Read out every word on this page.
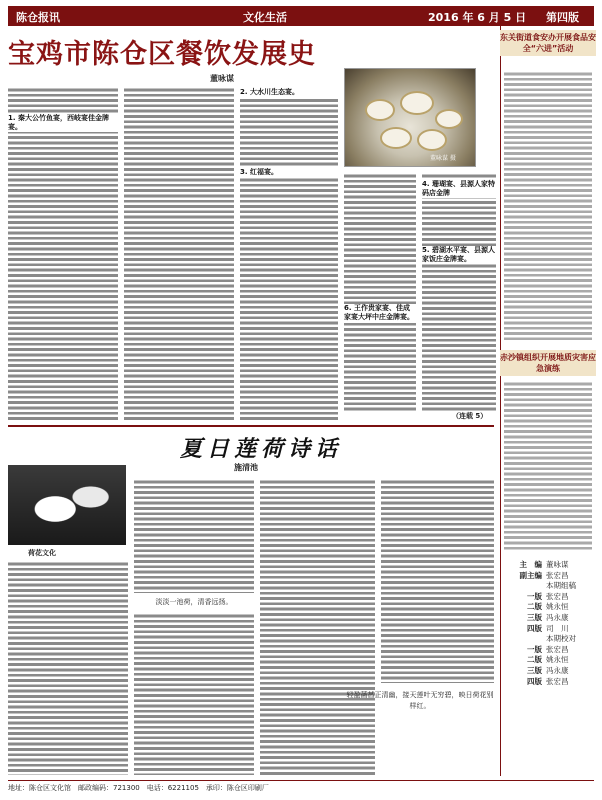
陈仓报讯	文化生活	2016 年 6 月 5 日 第四版
宝鸡市陈仓区餐饮发展史
董咏谋
1. 秦大公竹鱼宴，西岐宴佳金牌宴。
2. 大水川生态宴。
3. 红福宴。
4. 珊瑚宴、县源人家特码店金牌
5. 碧湖水平宴、县源人家饭庄金牌宴。
6. 王作贵家宴、佳成家宴大坪中庄金牌宴。
董咏谋 摄
（连载 5）
东关街道食安办开展食品安全“六进”活动
赤沙镇组织开展地质灾害应急演练
主　编 董咏谋
副主编 张宏昌
本期组稿
一版 张宏昌
二版 姚永恒
三版 冯永康
四版 司　川
本期校对
一版 张宏昌
二版 姚永恒
三版 冯永康
四版 张宏昌
夏日莲荷诗话
施清池
荷花文化
淡淡一池荷，清香远扬。
轻盈菡萏正清幽，接天莲叶无穷碧，映日荷花别样红。
地址：陈仓区文化馆　邮政编码：721300　电话：6221105　承印：陈仓区印刷厂
